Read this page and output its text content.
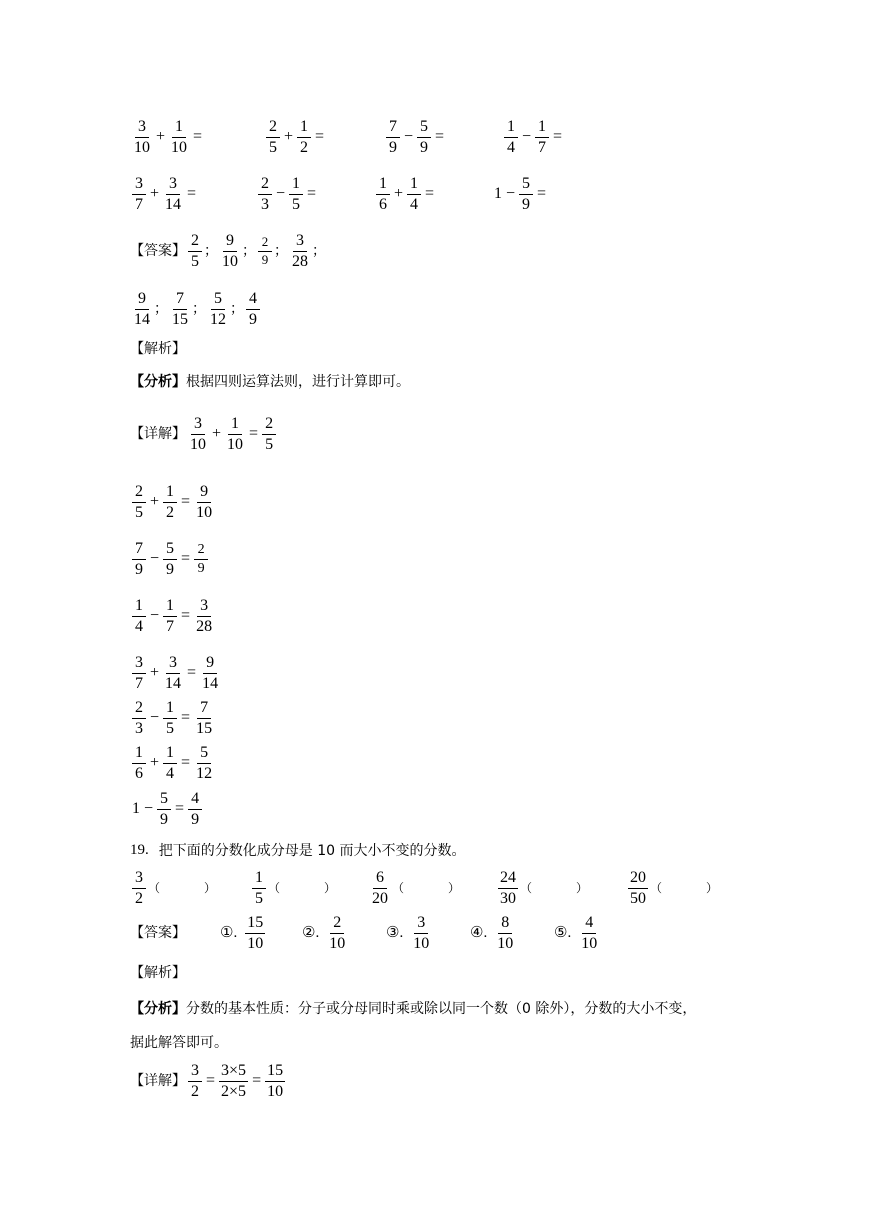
$\frac{3}{10} + \frac{1}{10}$ =	$\frac{2}{5} + \frac{1}{2}$ =	$\frac{7}{9} - \frac{5}{9}$ =	$\frac{1}{4} - \frac{1}{7}$ =
$\frac{3}{7} + \frac{3}{14}$ =	$\frac{2}{3} - \frac{1}{5}$ =	$\frac{1}{6} + \frac{1}{4}$ =	$1 - \frac{5}{9}$ =
【答案】 $\frac{2}{5}$ ； $\frac{9}{10}$ ； $\frac{2}{9}$ ； $\frac{3}{28}$ ；
$\frac{9}{14}$ ； $\frac{7}{15}$ ； $\frac{5}{12}$ ； $\frac{4}{9}$
【解析】
【分析】 根据四则运算法则，进行计算即可。
【详解】 $\frac{3}{10} + \frac{1}{10} = \frac{2}{5}$
$\frac{2}{5} + \frac{1}{2} = \frac{9}{10}$
$\frac{7}{9} - \frac{5}{9} = \frac{2}{9}$
$\frac{1}{4} - \frac{1}{7} = \frac{3}{28}$
$\frac{3}{7} + \frac{3}{14} = \frac{9}{14}$
$\frac{2}{3} - \frac{1}{5} = \frac{7}{15}$
$\frac{1}{6} + \frac{1}{4} = \frac{5}{12}$
$1 - \frac{5}{9} = \frac{4}{9}$
19. 把下面的分数化成分母是 10 而大小不变的分数。
$\frac{3}{2}$ （	） $\frac{1}{5}$ （	） $\frac{6}{20}$ （	） $\frac{24}{30}$ （	）	$\frac{20}{50}$ （	）
【答案】	①. $\frac{15}{10}$ ②. $\frac{2}{10}$	③. $\frac{3}{10}$	④. $\frac{8}{10}$	⑤. $\frac{4}{10}$
【解析】
【分析】 分数的基本性质：分子或分母同时乘或除以同一个数（0 除外），分数的大小不变，
据此解答即可。
【详解】 $\frac{3}{2} = \frac{3\times 5}{2\times 5} = \frac{15}{10}$
